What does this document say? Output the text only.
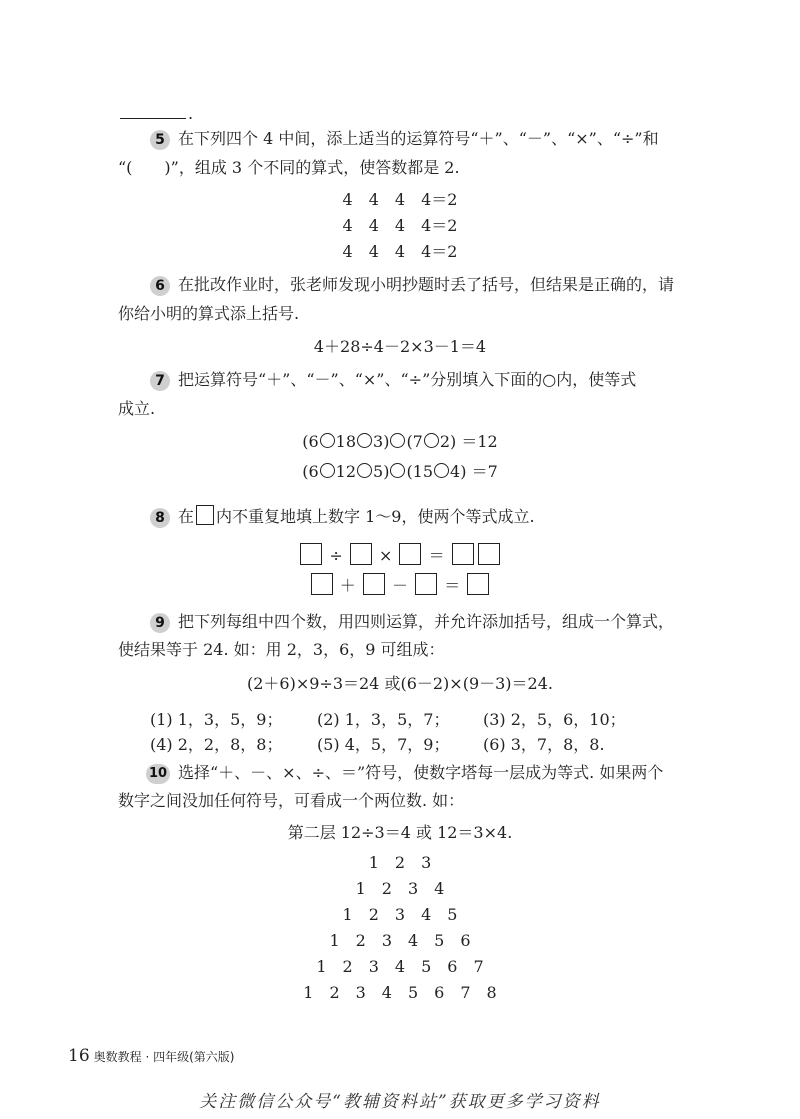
.
5 在下列四个 4 中间，添上适当的运算符号“＋”、“－”、“×”、“÷”和
“(　　)”，组成 3 个不同的算式，使答数都是 2.
4　4　4　4＝2
4　4　4　4＝2
4　4　4　4＝2
6 在批改作业时，张老师发现小明抄题时丢了括号，但结果是正确的，请
你给小明的算式添上括号.
4＋28÷4－2×3－1＝4
7 把运算符号“＋”、“－”、“×”、“÷”分别填入下面的○内，使等式
成立.
(6 18 3) (7 2) ＝12
(6 12 5) (15 4) ＝7
8 在 内不重复地填上数字 1～9，使两个等式成立.
÷ × ＝
＋ － ＝
9 把下列每组中四个数，用四则运算，并允许添加括号，组成一个算式，
使结果等于 24. 如：用 2，3，6，9 可组成：
(2＋6)×9÷3＝24 或(6－2)×(9－3)＝24.
(1) 1，3，5，9； (2) 1，3，5，7； (3) 2，5，6，10；
(4) 2，2，8，8； (5) 4，5，7，9； (6) 3，7，8，8.
10 选择“＋、－、×、÷、＝”符号，使数字塔每一层成为等式. 如果两个
数字之间没加任何符号，可看成一个两位数. 如：
第二层 12÷3＝4 或 12＝3×4.
1　2　3
1　2　3　4
1　2　3　4　5
1　2　3　4　5　6
1　2　3　4　5　6　7
1　2　3　4　5　6　7　8
16 奥数教程 · 四年级(第六版)
关注微信公众号“教辅资料站”获取更多学习资料
